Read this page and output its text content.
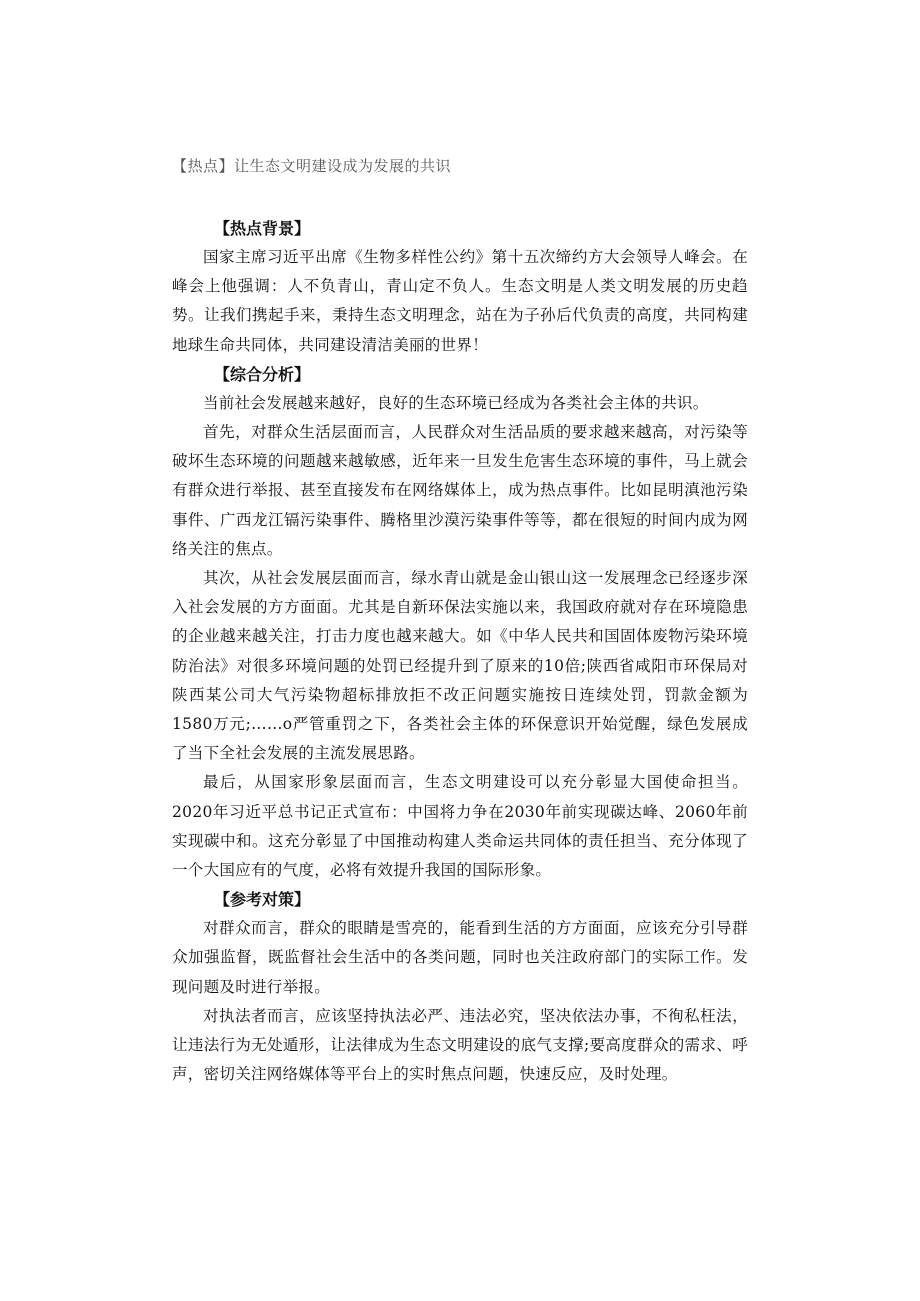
【热点】让生态文明建设成为发展的共识

【热点背景】

国家主席习近平出席《生物多样性公约》第十五次缔约方大会领导人峰会。在峰会上他强调：人不负青山，青山定不负人。生态文明是人类文明发展的历史趋势。让我们携起手来，秉持生态文明理念，站在为子孙后代负责的高度，共同构建地球生命共同体，共同建设清洁美丽的世界！

【综合分析】

当前社会发展越来越好，良好的生态环境已经成为各类社会主体的共识。

首先，对群众生活层面而言，人民群众对生活品质的要求越来越高，对污染等破坏生态环境的问题越来越敏感，近年来一旦发生危害生态环境的事件，马上就会有群众进行举报、甚至直接发布在网络媒体上，成为热点事件。比如昆明滇池污染事件、广西龙江镉污染事件、腾格里沙漠污染事件等等，都在很短的时间内成为网络关注的焦点。

其次，从社会发展层面而言，绿水青山就是金山银山这一发展理念已经逐步深入社会发展的方方面面。尤其是自新环保法实施以来，我国政府就对存在环境隐患的企业越来越关注，打击力度也越来越大。如《中华人民共和国固体废物污染环境防治法》对很多环境问题的处罚已经提升到了原来的10倍;陕西省咸阳市环保局对陕西某公司大气污染物超标排放拒不改正问题实施按日连续处罚，罚款金额为1580万元;……o严管重罚之下，各类社会主体的环保意识开始觉醒，绿色发展成了当下全社会发展的主流发展思路。

最后，从国家形象层面而言，生态文明建设可以充分彰显大国使命担当。2020年习近平总书记正式宣布：中国将力争在2030年前实现碳达峰、2060年前实现碳中和。这充分彰显了中国推动构建人类命运共同体的责任担当、充分体现了一个大国应有的气度，必将有效提升我国的国际形象。

【参考对策】

对群众而言，群众的眼睛是雪亮的，能看到生活的方方面面，应该充分引导群众加强监督，既监督社会生活中的各类问题，同时也关注政府部门的实际工作。发现问题及时进行举报。

对执法者而言，应该坚持执法必严、违法必究，坚决依法办事，不徇私枉法，让违法行为无处遁形，让法律成为生态文明建设的底气支撑;要高度群众的需求、呼声，密切关注网络媒体等平台上的实时焦点问题，快速反应，及时处理。
